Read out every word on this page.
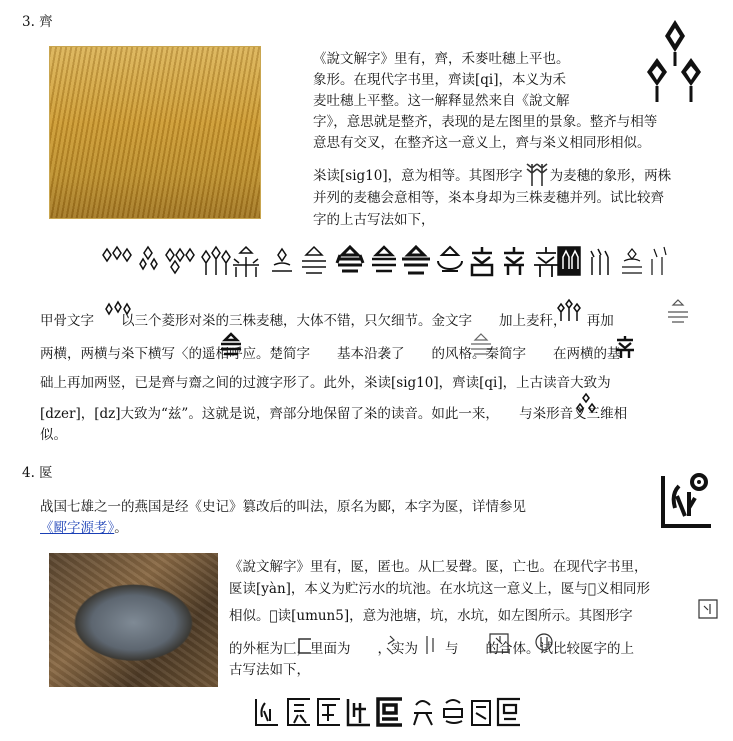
3. 齊
《說文解字》里有，齊，禾麥吐穗上平也。
象形。在現代字书里，齊读[qi]，本义为禾
麦吐穗上平整。这一解释显然来自《說文解
字》，意思就是整齐，表现的是左图里的景象。整齐与相等
意思有交叉，在整齐这一意义上，齊与𣏦义相同形相似。
𣏦读[sig10]，意为相等。其图形字　　为麦穗的象形，两株
并列的麦穗会意相等，𣏦本身却为三株麦穗并列。试比较齊
字的上古写法如下，
甲骨文字　　以三个菱形对𣏦的三株麦穗，大体不错，只欠细节。金文字　　加上麦秆，　　再加
两横，两横与𣏦下横写〈的遥相呼应。楚简字　　基本沿袭了　　的风格。秦简字　　在两横的基
础上再加两竖，已是齊与齋之间的过渡字形了。此外，𣏦读[sig10]，齊读[qi]，上古读音大致为
[dzer]，[dz]大致为“兹”。这就是说，齊部分地保留了𣏦的读音。如此一来，　　与𣏦形音义三维相
似。
4. 匽
战国七雄之一的燕国是经《史记》篡改后的叫法，原名为郾，本字为匽，详情参见
《郾字源考》。
《說文解字》里有，匽，匿也。从匚妟聲。匽，亡也。在现代字书里，
匽读[yàn]，本义为贮污水的坑池。在水坑这一意义上，匽与𫑘义相同形
相似。𫑘读[umun5]，意为池塘，坑，水坑，如左图所示。其图形字
的外框为匚，里面为　　，实为　　与　　的合体。试比较匽字的上
古写法如下，
